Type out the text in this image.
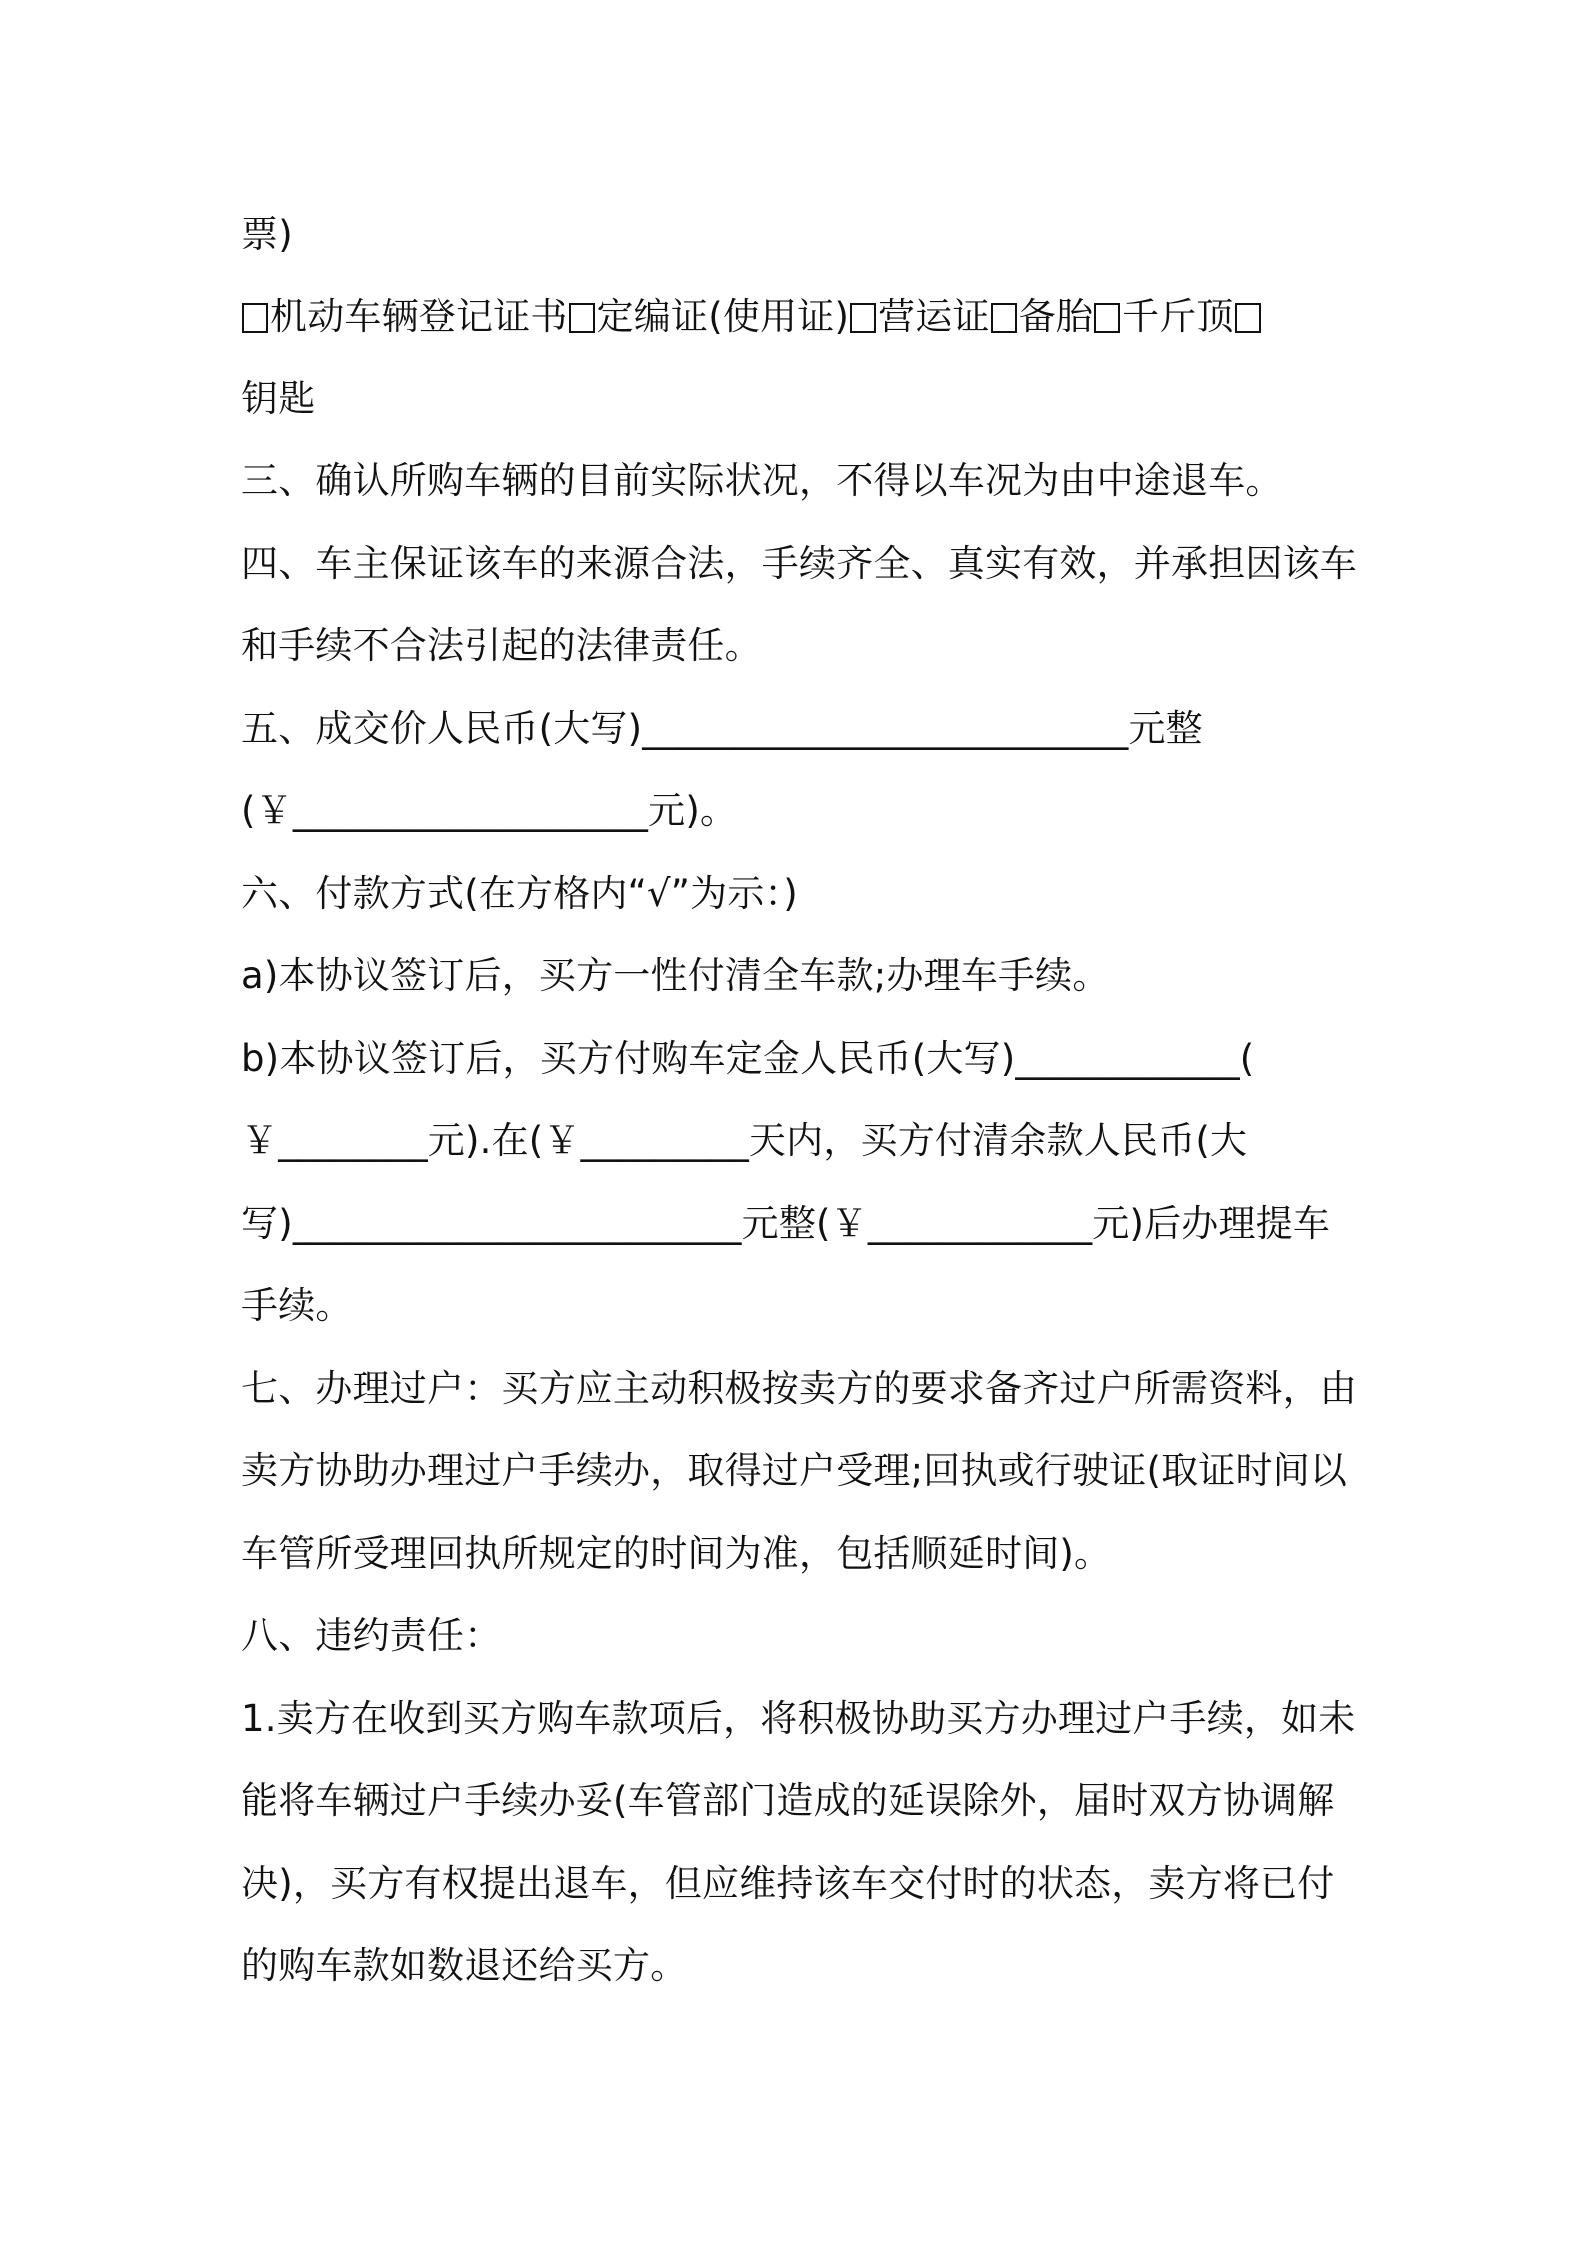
票)
机动车辆登记证书 定编证(使用证) 营运证 备胎 千斤顶
钥匙
三、确认所购车辆的目前实际状况，不得以车况为由中途退车。
四、车主保证该车的来源合法，手续齐全、真实有效，并承担因该车
和手续不合法引起的法律责任。
五、成交价人民币(大写)__________________________元整
(￥___________________元)。
六、付款方式(在方格内“√”为示：)
a)本协议签订后，买方一性付清全车款;办理车手续。
b)本协议签订后，买方付购车定金人民币(大写)____________(
￥________元).在(￥_________天内，买方付清余款人民币(大
写)________________________元整(￥____________元)后办理提车
手续。
七、办理过户：买方应主动积极按卖方的要求备齐过户所需资料，由
卖方协助办理过户手续办，取得过户受理;回执或行驶证(取证时间以
车管所受理回执所规定的时间为准，包括顺延时间)。
八、违约责任：
1.卖方在收到买方购车款项后，将积极协助买方办理过户手续，如未
能将车辆过户手续办妥(车管部门造成的延误除外，届时双方协调解
决)，买方有权提出退车，但应维持该车交付时的状态，卖方将已付
的购车款如数退还给买方。
